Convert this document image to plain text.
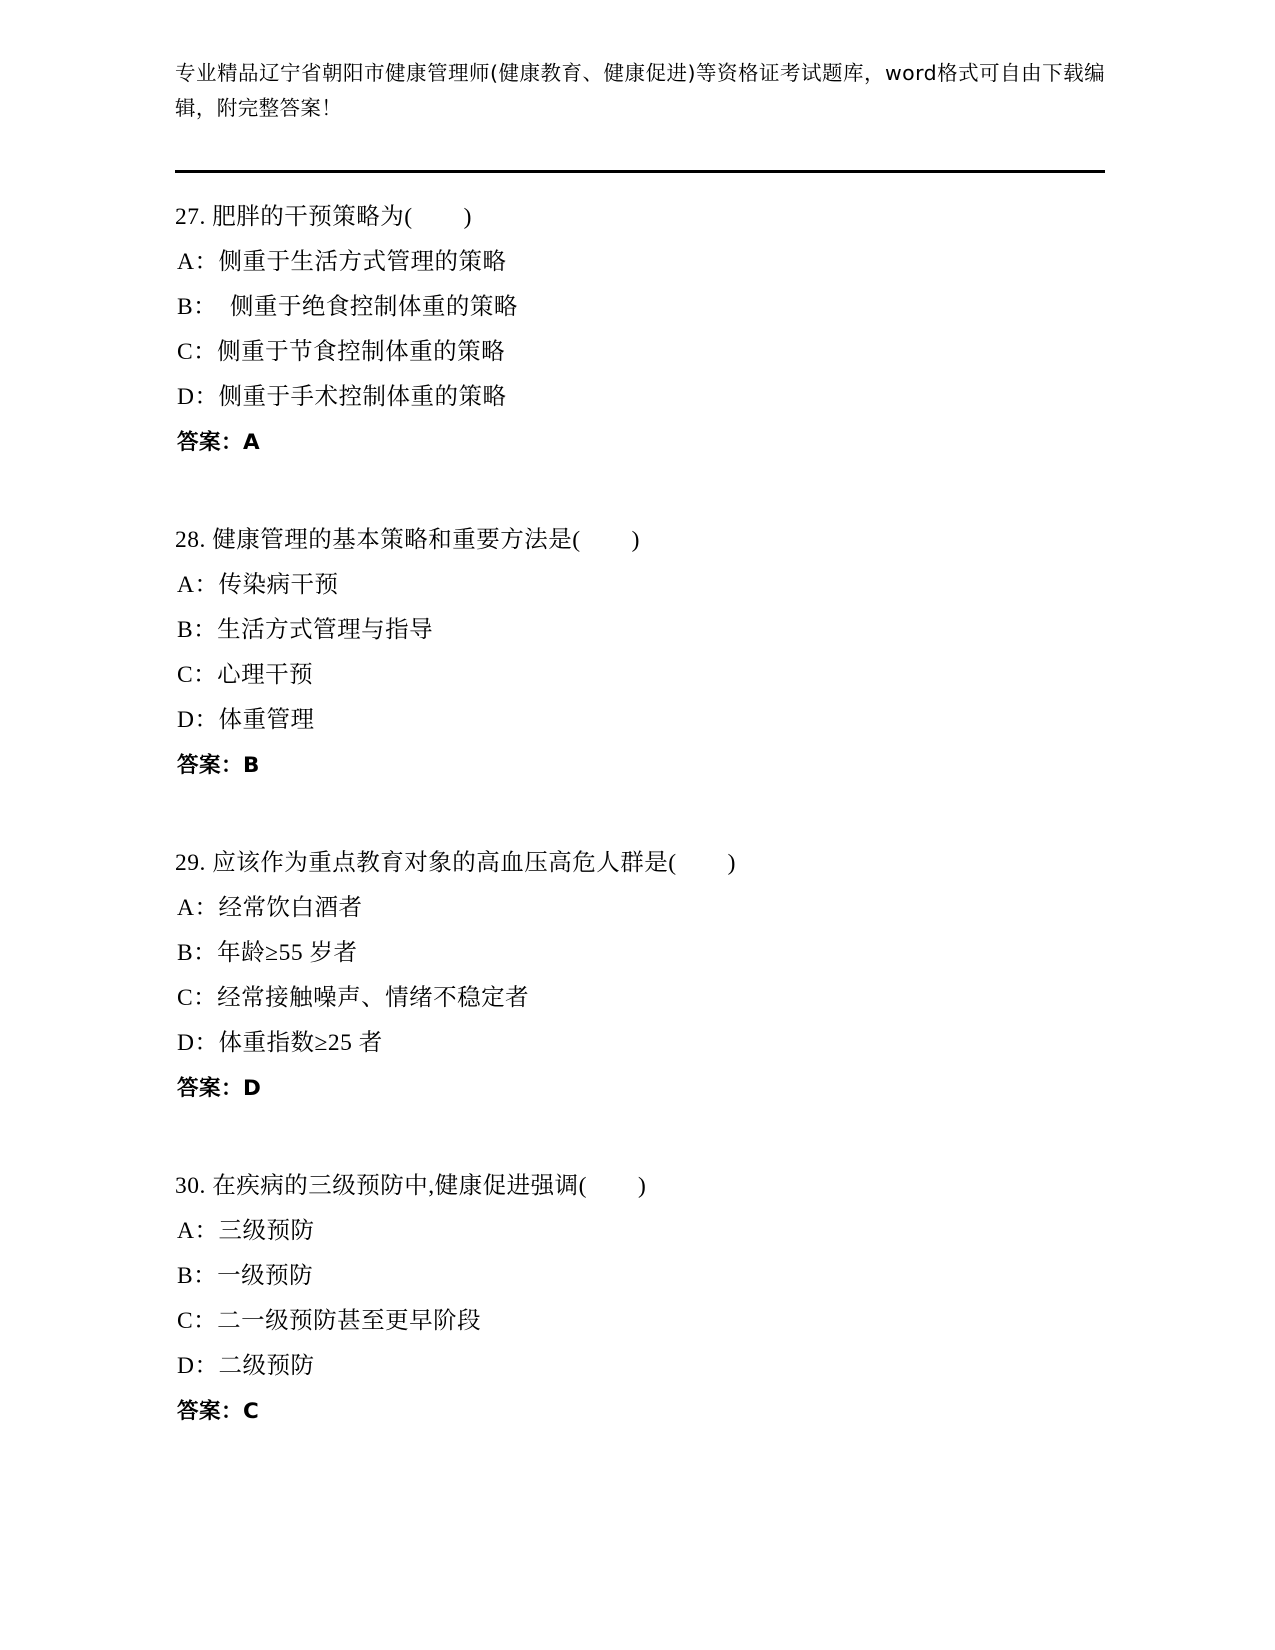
专业精品辽宁省朝阳市健康管理师(健康教育、健康促进)等资格证考试题库，word格式可自由下载编辑，附完整答案！
27. 肥胖的干预策略为(        )
A：侧重于生活方式管理的策略
B：  侧重于绝食控制体重的策略
C：侧重于节食控制体重的策略
D：侧重于手术控制体重的策略
答案：A
28. 健康管理的基本策略和重要方法是(        )
A：传染病干预
B：生活方式管理与指导
C：心理干预
D：体重管理
答案：B
29. 应该作为重点教育对象的高血压高危人群是(        )
A：经常饮白酒者
B：年龄≥55 岁者
C：经常接触噪声、情绪不稳定者
D：体重指数≥25 者
答案：D
30. 在疾病的三级预防中,健康促进强调(        )
A：三级预防
B：一级预防
C：二一级预防甚至更早阶段
D：二级预防
答案：C
